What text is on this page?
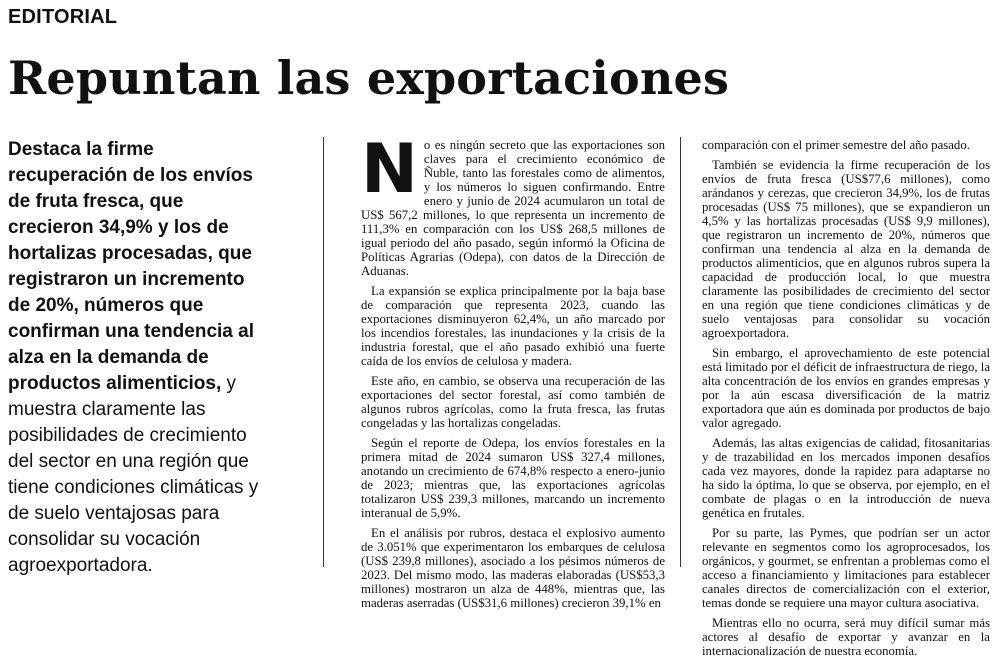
EDITORIAL
Repuntan las exportaciones
Destaca la firme recuperación de los envíos de fruta fresca, que crecieron 34,9% y los de hortalizas procesadas, que registraron un incremento de 20%, números que confirman una tendencia al alza en la demanda de productos alimenticios, y muestra claramente las posibilidades de crecimiento del sector en una región que tiene condiciones climáticas y de suelo ventajosas para consolidar su vocación agroexportadora.
N o es ningún secreto que las exportaciones son claves para el crecimiento económico de Ñuble, tanto las forestales como de alimentos, y los números lo siguen confirmando. Entre enero y junio de 2024 acumularon un total de US$ 567,2 millones, lo que representa un incremento de 111,3% en comparación con los US$ 268,5 millones de igual periodo del año pasado, según informó la Oficina de Políticas Agrarias (Odepa), con datos de la Dirección de Aduanas.

La expansión se explica principalmente por la baja base de comparación que representa 2023, cuando las exportaciones disminuyeron 62,4%, un año marcado por los incendios forestales, las inundaciones y la crisis de la industria forestal, que el año pasado exhibió una fuerte caída de los envíos de celulosa y madera.

Este año, en cambio, se observa una recuperación de las exportaciones del sector forestal, así como también de algunos rubros agrícolas, como la fruta fresca, las frutas congeladas y las hortalizas congeladas.

Según el reporte de Odepa, los envíos forestales en la primera mitad de 2024 sumaron US$ 327,4 millones, anotando un crecimiento de 674,8% respecto a enero-junio de 2023; mientras que, las exportaciones agrícolas totalizaron US$ 239,3 millones, marcando un incremento interanual de 5,9%.

En el análisis por rubros, destaca el explosivo aumento de 3.051% que experimentaron los embarques de celulosa (US$ 239,8 millones), asociado a los pésimos números de 2023. Del mismo modo, las maderas elaboradas (US$53,3 millones) mostraron un alza de 448%, mientras que, las maderas aserradas (US$31,6 millones) crecieron 39,1% en

comparación con el primer semestre del año pasado.

También se evidencia la firme recuperación de los envíos de fruta fresca (US$77,6 millones), como arándanos y cerezas, que crecieron 34,9%, los de frutas procesadas (US$ 75 millones), que se expandieron un 4,5% y las hortalizas procesadas (US$ 9,9 millones), que registraron un incremento de 20%, números que confirman una tendencia al alza en la demanda de productos alimenticios, que en algunos rubros supera la capacidad de producción local, lo que muestra claramente las posibilidades de crecimiento del sector en una región que tiene condiciones climáticas y de suelo ventajosas para consolidar su vocación agroexportadora.

Sin embargo, el aprovechamiento de este potencial está limitado por el déficit de infraestructura de riego, la alta concentración de los envíos en grandes empresas y por la aún escasa diversificación de la matriz exportadora que aún es dominada por productos de bajo valor agregado.

Además, las altas exigencias de calidad, fitosanitarias y de trazabilidad en los mercados imponen desafíos cada vez mayores, donde la rapidez para adaptarse no ha sido la óptima, lo que se observa, por ejemplo, en el combate de plagas o en la introducción de nueva genética en frutales.

Por su parte, las Pymes, que podrían ser un actor relevante en segmentos como los agroprocesados, los orgánicos, y gourmet, se enfrentan a problemas como el acceso a financiamiento y limitaciones para establecer canales directos de comercialización con el exterior, temas donde se requiere una mayor cultura asociativa.

Mientras ello no ocurra, será muy difícil sumar más actores al desafío de exportar y avanzar en la internacionalización de nuestra economía.
